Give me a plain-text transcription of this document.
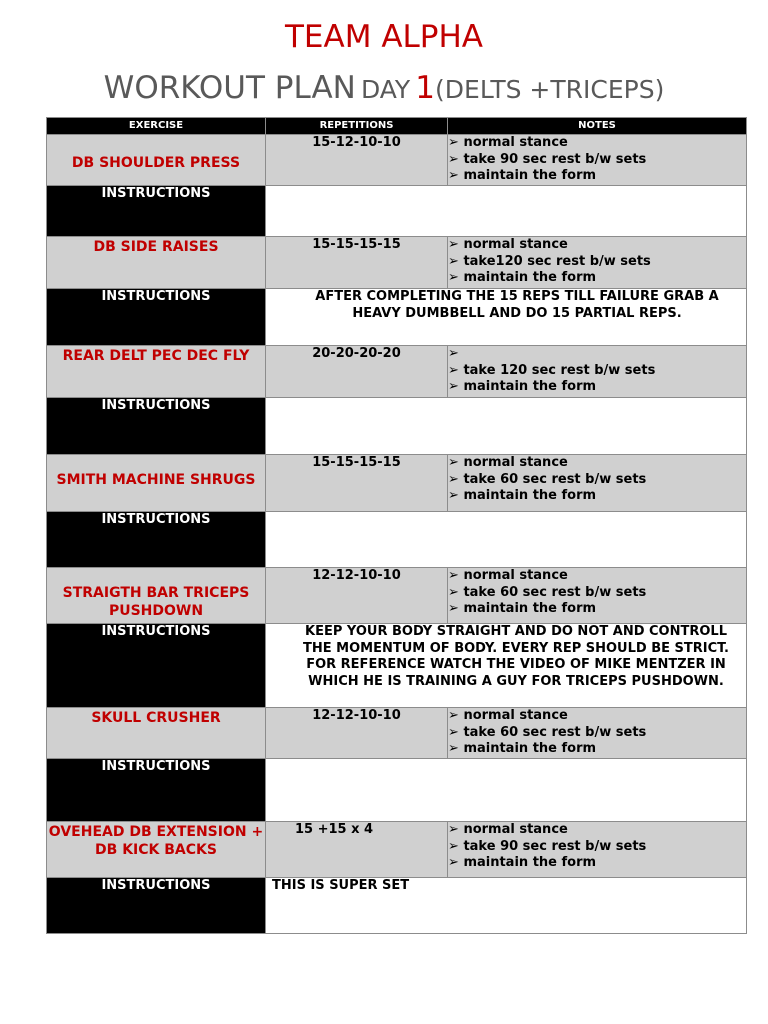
TEAM ALPHA
WORKOUT PLAN DAY 1(DELTS +TRICEPS)
EXERCISE	REPETITIONS	NOTES
DB SHOULDER PRESS	15-12-10-10	➢ normal stance
➢ take 90 sec rest b/w sets
➢ maintain the form

INSTRUCTIONS		
DB SIDE RAISES	15-15-15-15	➢ normal stance
➢ take120 sec rest b/w sets
➢ maintain the form

INSTRUCTIONS	AFTER COMPLETING THE 15 REPS TILL FAILURE GRAB A HEAVY DUMBBELL AND DO 15 PARTIAL REPS.	
REAR DELT PEC DEC FLY	20-20-20-20	➢
➢ take 120 sec rest b/w sets
➢ maintain the form

INSTRUCTIONS		
SMITH MACHINE SHRUGS	15-15-15-15	➢ normal stance
➢ take 60 sec rest b/w sets
➢ maintain the form

INSTRUCTIONS		
STRAIGTH BAR TRICEPS PUSHDOWN	12-12-10-10	➢ normal stance
➢ take 60 sec rest b/w sets
➢ maintain the form

INSTRUCTIONS	KEEP YOUR BODY STRAIGHT AND DO NOT AND CONTROLL THE MOMENTUM OF BODY. EVERY REP SHOULD BE STRICT. FOR REFERENCE WATCH THE VIDEO OF MIKE MENTZER IN WHICH HE IS TRAINING A GUY FOR TRICEPS PUSHDOWN.	
SKULL CRUSHER	12-12-10-10	➢ normal stance
➢ take 60 sec rest b/w sets
➢ maintain the form

INSTRUCTIONS		
OVEHEAD DB EXTENSION + DB KICK BACKS	15 +15 x 4	➢ normal stance
➢ take 90 sec rest b/w sets
➢ maintain the form

INSTRUCTIONS	THIS IS SUPER SET	
